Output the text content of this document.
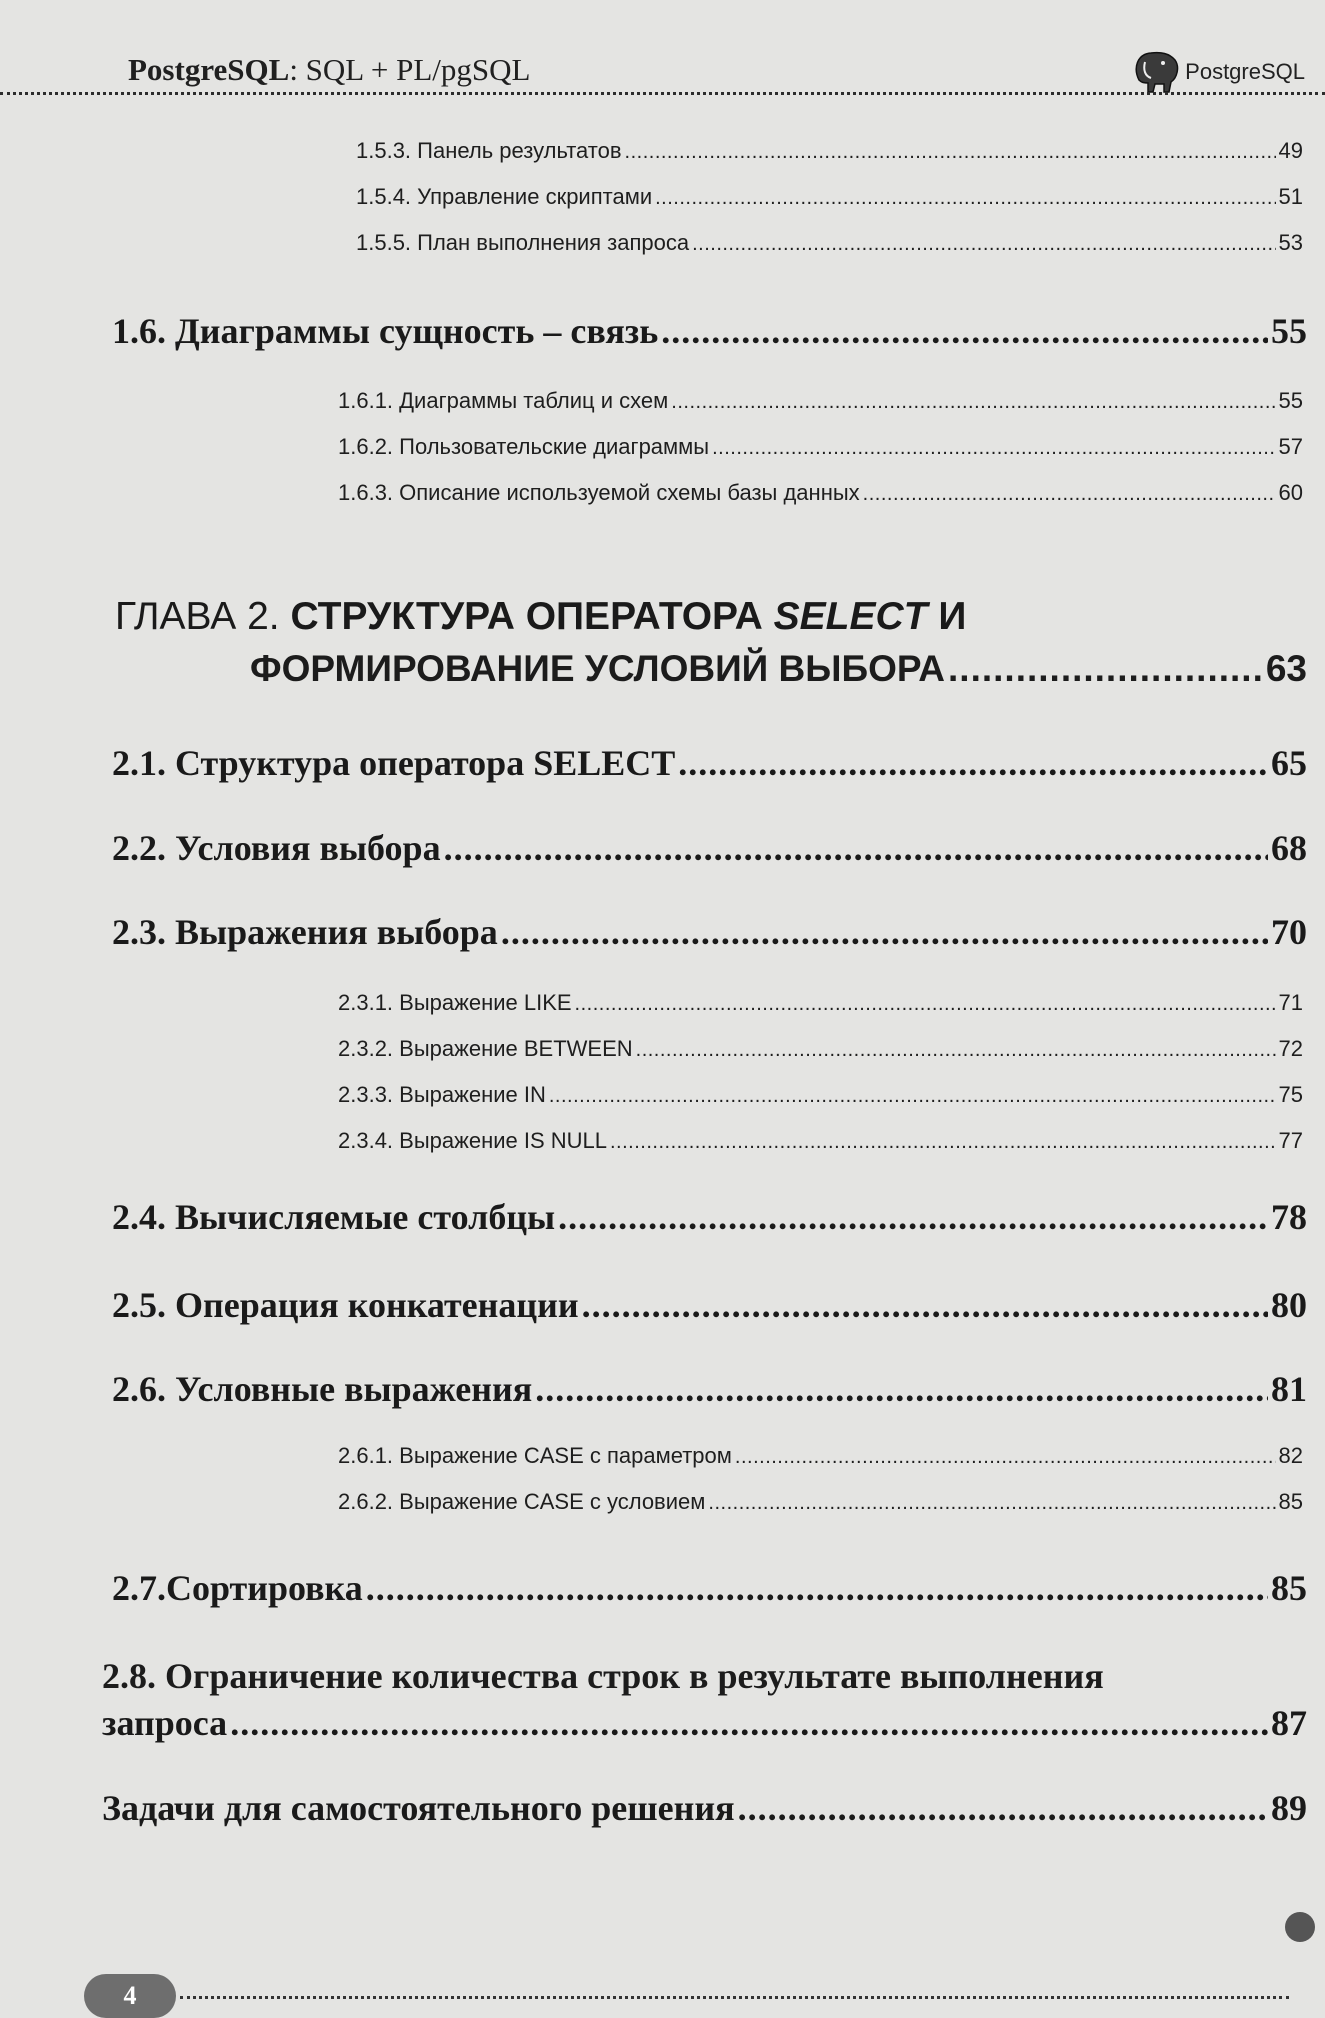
PostgreSQL: SQL + PL/pgSQL	PostgreSQL
1.5.3. Панель результатов .....	49
1.5.4. Управление скриптами .....	51
1.5.5. План выполнения запроса .....	53
1.6. Диаграммы сущность – связь .....	55
1.6.1. Диаграммы таблиц и схем .....	55
1.6.2. Пользовательские диаграммы .....	57
1.6.3. Описание используемой схемы базы данных .....	60
ГЛАВА 2. СТРУКТУРА ОПЕРАТОРА SELECT И
ФОРМИРОВАНИЕ УСЛОВИЙ ВЫБОРА .....	63
2.1. Структура оператора SELECT .....	65
2.2. Условия выбора .....	68
2.3. Выражения выбора .....	70
2.3.1. Выражение LIKE .....	71
2.3.2. Выражение BETWEEN .....	72
2.3.3. Выражение IN .....	75
2.3.4. Выражение IS NULL .....	77
2.4. Вычисляемые столбцы .....	78
2.5. Операция конкатенации .....	80
2.6. Условные выражения .....	81
2.6.1. Выражение CASE с параметром .....	82
2.6.2. Выражение CASE с условием .....	85
2.7.Сортировка .....	85
2.8. Ограничение количества строк в результате выполнения
запроса .....	87
Задачи для самостоятельного решения .....	89
4
